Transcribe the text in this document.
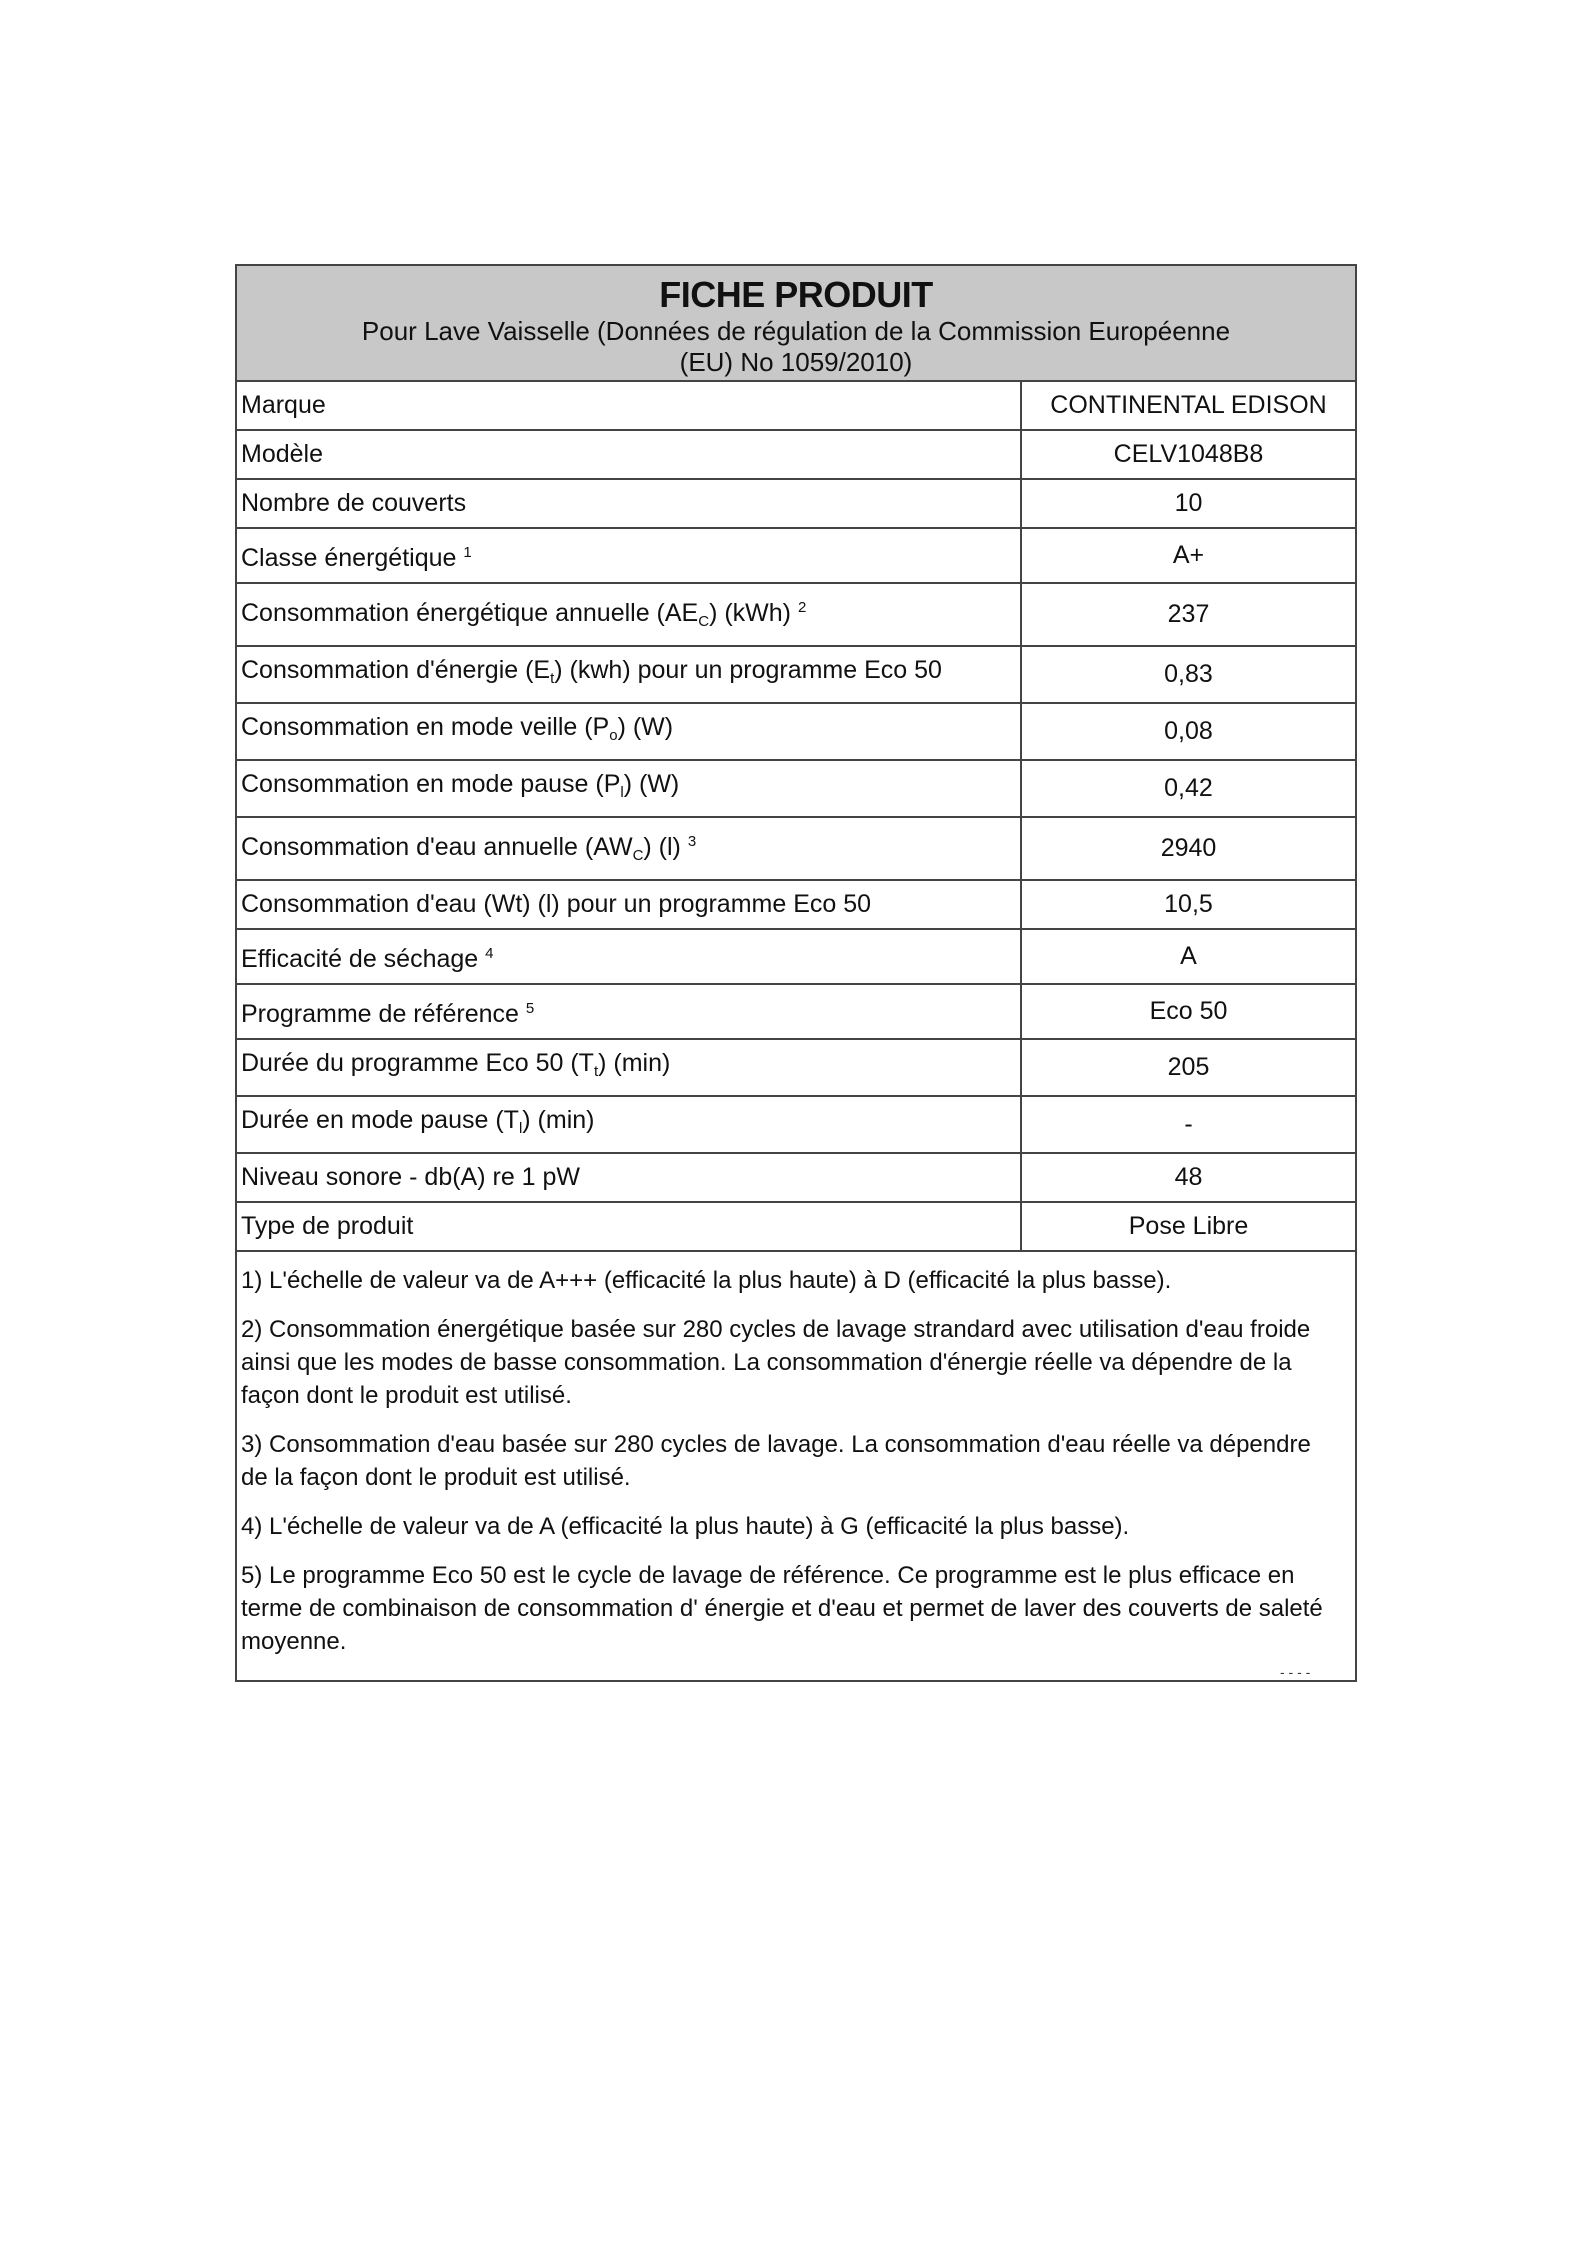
FICHE PRODUIT
Pour Lave Vaisselle (Données de régulation de la Commission Européenne
(EU) No 1059/2010)
Marque	CONTINENTAL EDISON
Modèle	CELV1048B8
Nombre de couverts	10
Classe énergétique $^1$	A+
Consommation énergétique annuelle $(AE_C)$ (kWh) $^2$	237
Consommation d'énergie $(E_t)$ (kwh) pour un programme Eco 50	0,83
Consommation en mode veille $(P_o)$ (W)	0,08
Consommation en mode pause $(P_l)$ (W)	0,42
Consommation d'eau annuelle $(AW_C)$ (l) $^3$	2940
Consommation d'eau (Wt) (l) pour un programme Eco 50	10,5
Efficacité de séchage $^4$	A
Programme de référence $^5$	Eco 50
Durée du programme Eco 50 $(T_t)$ (min)	205
Durée en mode pause $(T_l)$ (min)	-
Niveau sonore - db(A) re 1 pW	48
Type de produit	Pose Libre
1) L'échelle de valeur va de A+++ (efficacité la plus haute) à D (efficacité la plus basse).
2) Consommation énergétique basée sur 280 cycles de lavage strandard avec utilisation d'eau froide ainsi que les modes de basse consommation. La consommation d'énergie réelle va dépendre de la façon dont le produit est utilisé.
3) Consommation d'eau basée sur 280 cycles de lavage. La consommation d'eau réelle va dépendre de la façon dont le produit est utilisé.
4) L'échelle de valeur va de A (efficacité la plus haute) à G (efficacité la plus basse).
5) Le programme Eco 50 est le cycle de lavage de référence. Ce programme est le plus efficace en terme de combinaison de consommation d' énergie et d'eau et permet de laver des couverts de saleté moyenne.
- - - -
